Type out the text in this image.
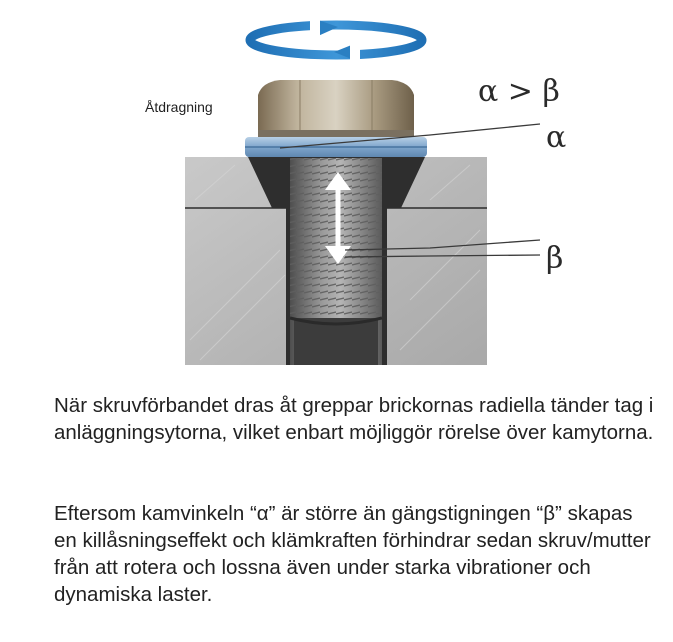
Åtdragning	α > β
α
β

När skruvförbandet dras åt greppar brickornas radiella tänder tag i anläggningsytorna, vilket enbart möjliggör rörelse över kamytorna.

Eftersom kamvinkeln “α” är större än gängstigningen “β” skapas en killåsningseffekt och klämkraften förhindrar sedan skruv/mutter från att rotera och lossna även under starka vibrationer och dynamiska laster.
